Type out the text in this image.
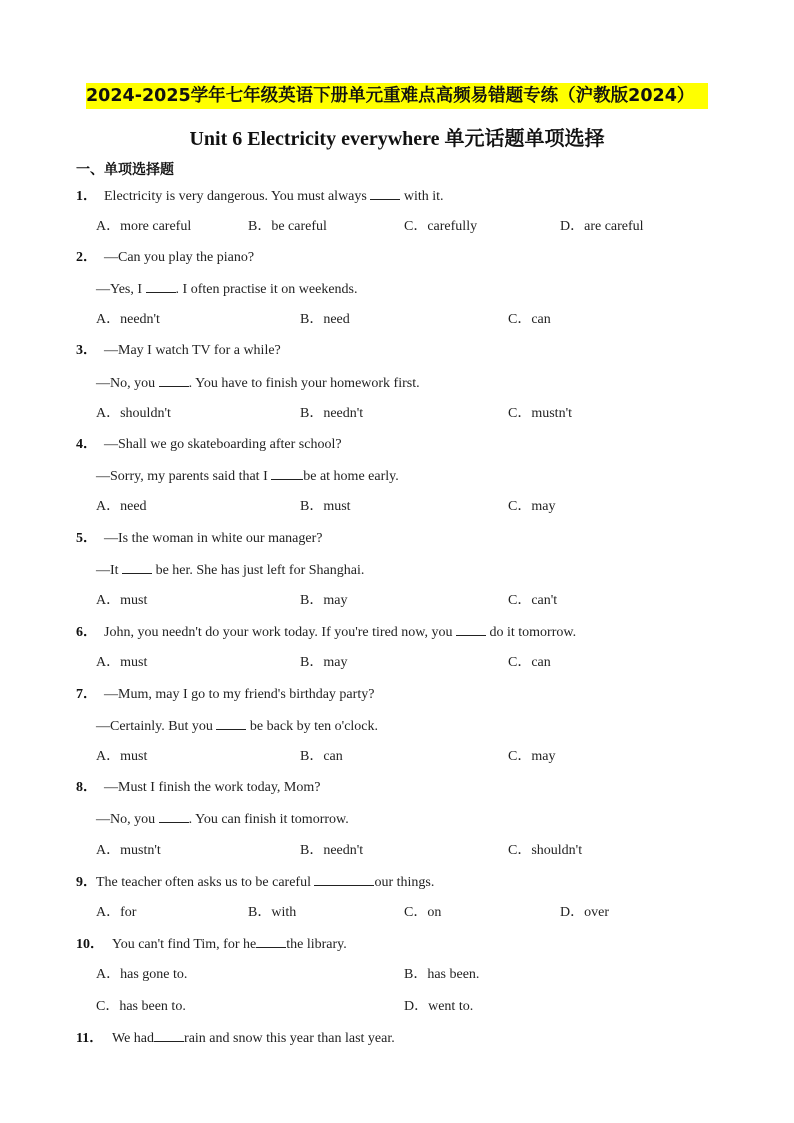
2024-2025学年七年级英语下册单元重难点高频易错题专练（沪教版2024）
Unit 6 Electricity everywhere 单元话题单项选择
一、单项选择题
1． Electricity is very dangerous. You must always  with it.
A．more careful	B．be careful	C．carefully	D．are careful
2． —Can you play the piano?
—Yes, I . I often practise it on weekends.
A．needn't	B．need	C．can
3． —May I watch TV for a while?
—No, you . You have to finish your homework first.
A．shouldn't	B．needn't	C．mustn't
4． —Shall we go skateboarding after school?
—Sorry, my parents said that I be at home early.
A．need	B．must	C．may
5． —Is the woman in white our manager?
—It  be her. She has just left for Shanghai.
A．must	B．may	C．can't
6． John, you needn't do your work today. If you're tired now, you  do it tomorrow.
A．must	B．may	C．can
7． —Mum, may I go to my friend's birthday party?
—Certainly. But you  be back by ten o'clock.
A．must	B．can	C．may
8． —Must I finish the work today, Mom?
—No, you . You can finish it tomorrow.
A．mustn't	B．needn't	C．shouldn't
9．The teacher often asks us to be careful	our things.
A．for	B．with	C．on	D．over
10． You can't find Tim, for he the library.
A．has gone to.	B．has been.
C．has been to.	D．went to.
11． We had rain and snow this year than last year.
